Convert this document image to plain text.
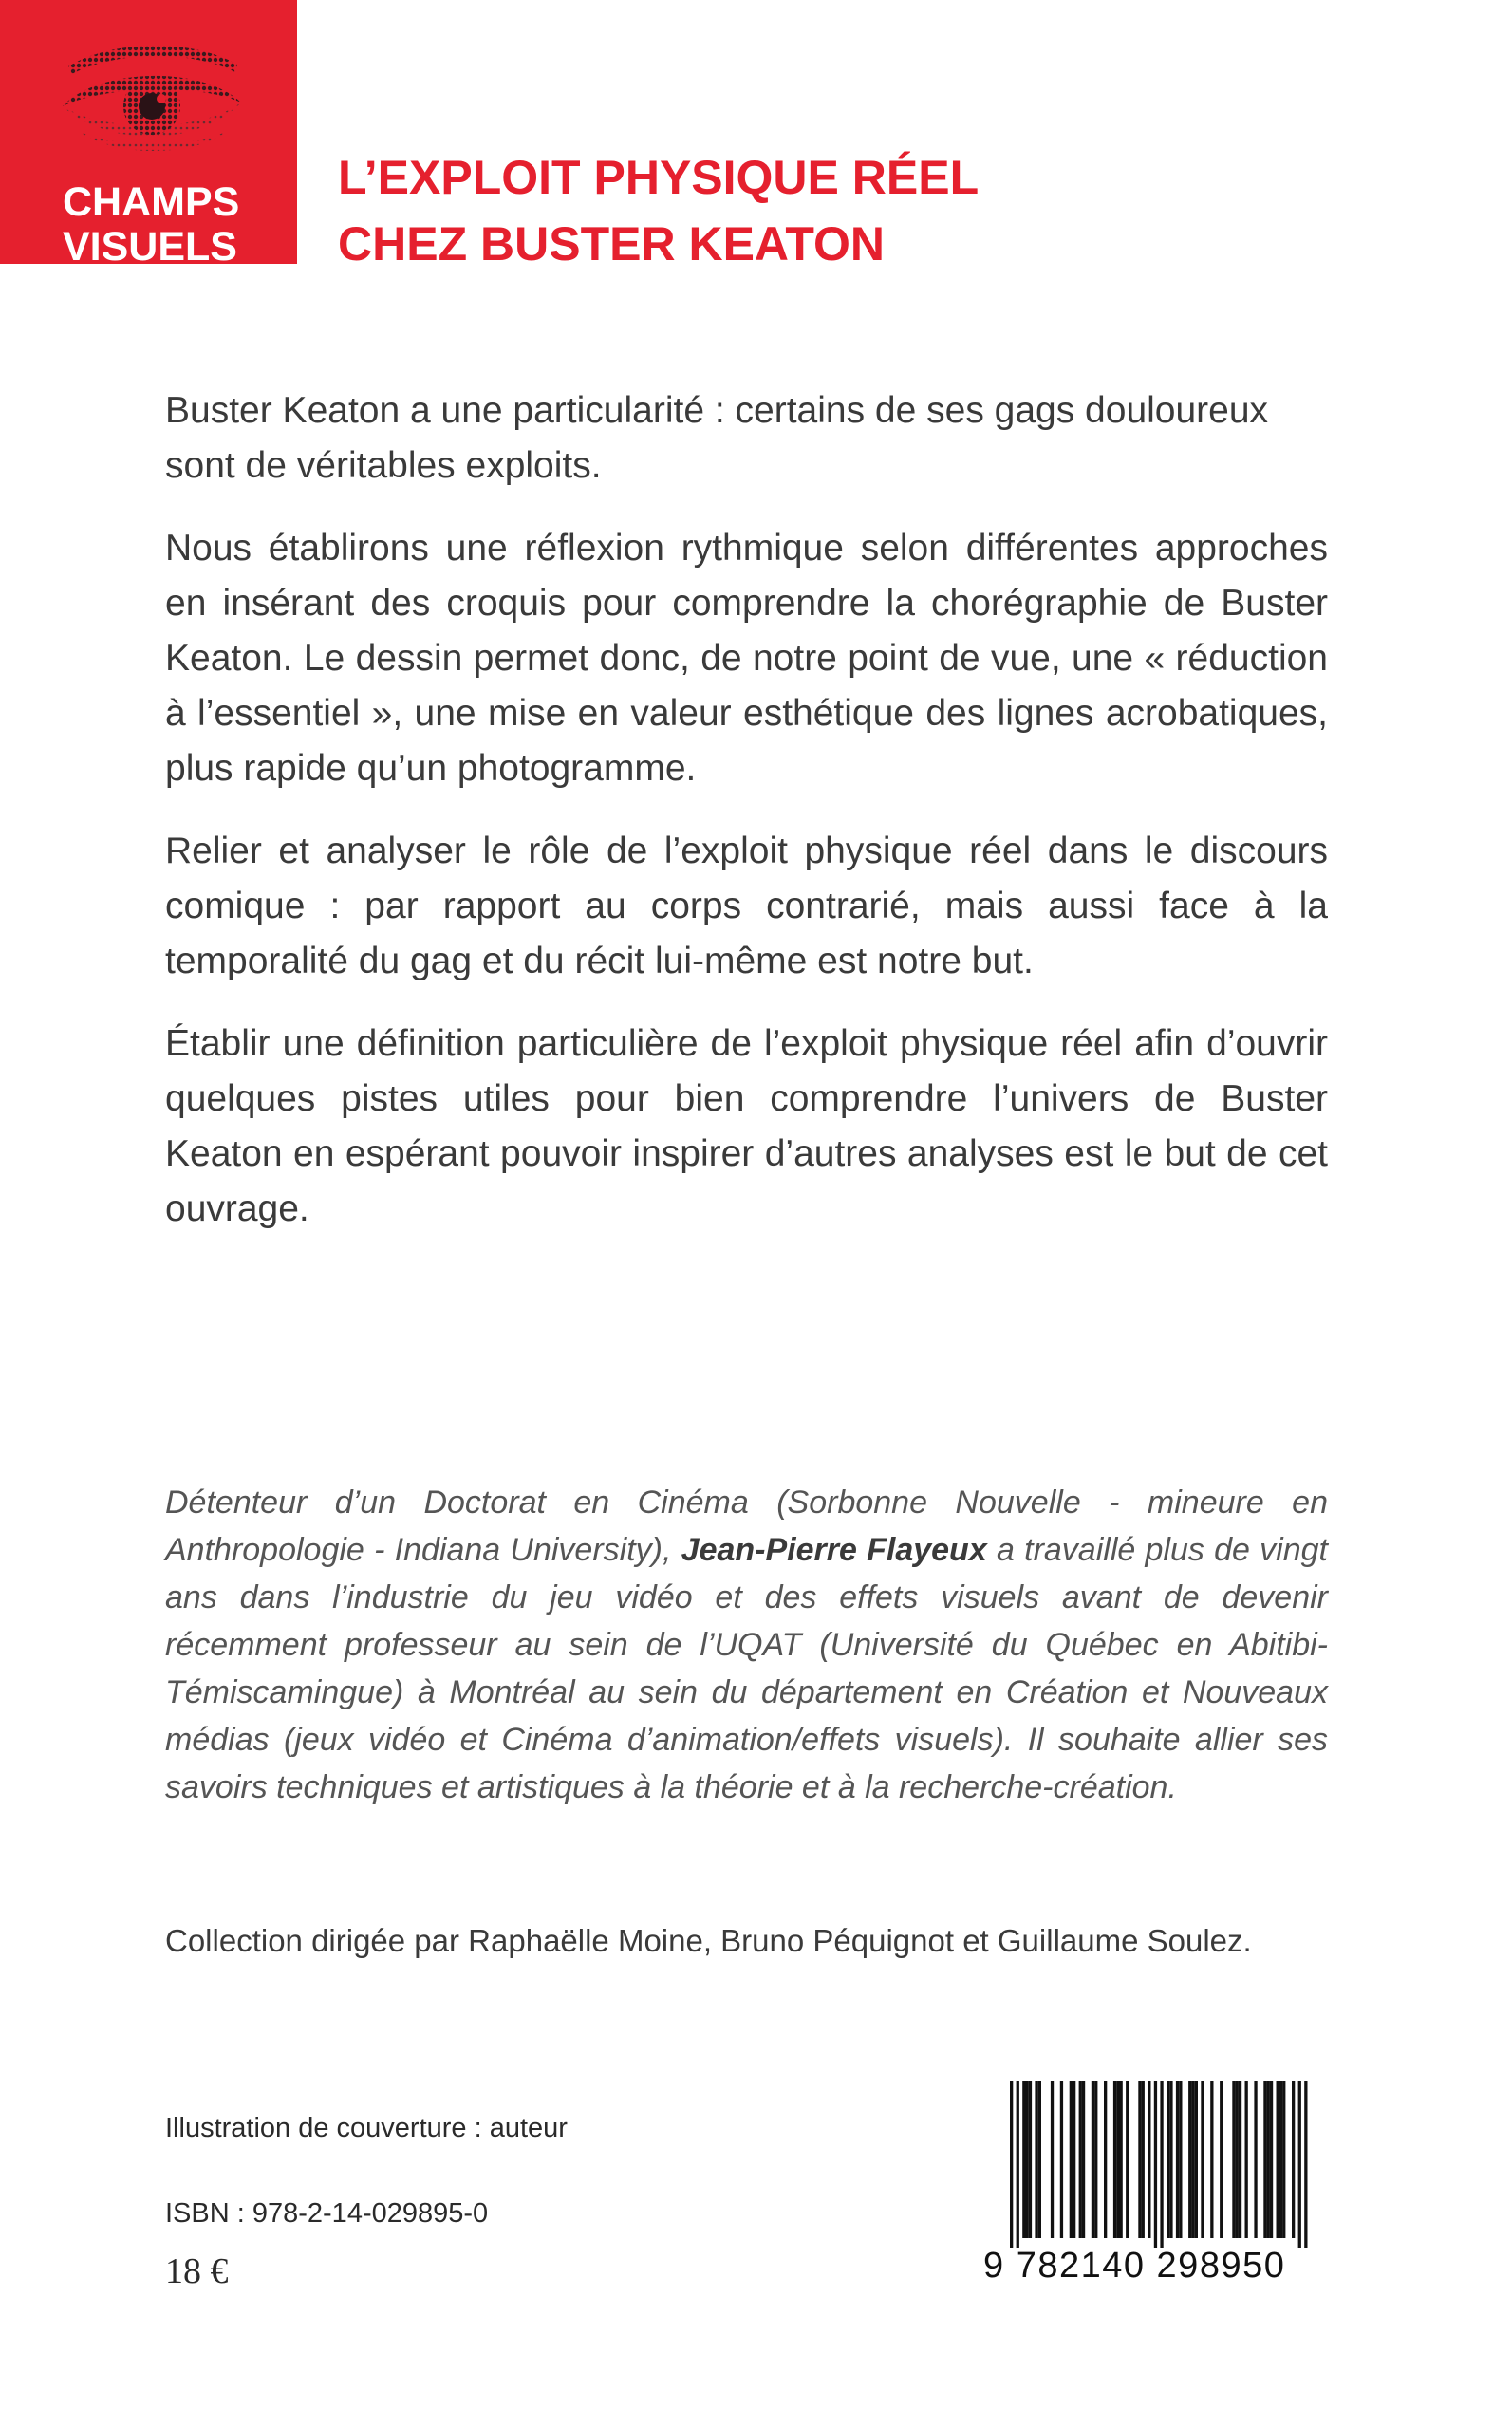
CHAMPS
VISUELS
L’EXPLOIT PHYSIQUE RÉEL
CHEZ BUSTER KEATON

Buster Keaton a une particularité : certains de ses gags douloureux sont de véritables exploits.

Nous établirons une réflexion rythmique selon différentes approches en insérant des croquis pour comprendre la chorégraphie de Buster Keaton. Le dessin permet donc, de notre point de vue, une « réduction à l’essentiel », une mise en valeur esthétique des lignes acrobatiques, plus rapide qu’un photogramme.

Relier et analyser le rôle de l’exploit physique réel dans le discours comique : par rapport au corps contrarié, mais aussi face à la temporalité du gag et du récit lui-même est notre but.

Établir une définition particulière de l’exploit physique réel afin d’ouvrir quelques pistes utiles pour bien comprendre l’univers de Buster Keaton en espérant pouvoir inspirer d’autres analyses est le but de cet ouvrage.

Détenteur d’un Doctorat en Cinéma (Sorbonne Nouvelle - mineure en Anthropologie - Indiana University), Jean-Pierre Flayeux a travaillé plus de vingt ans dans l’industrie du jeu vidéo et des effets visuels avant de devenir récemment professeur au sein de l’UQAT (Université du Québec en Abitibi-Témiscamingue) à Montréal au sein du département en Création et Nouveaux médias (jeux vidéo et Cinéma d’animation/effets visuels). Il souhaite allier ses savoirs techniques et artistiques à la théorie et à la recherche-création.

Collection dirigée par Raphaëlle Moine, Bruno Péquignot et Guillaume Soulez.
Illustration de couverture : auteur
ISBN : 978-2-14-029895-0
18 €	9 782140 298950
